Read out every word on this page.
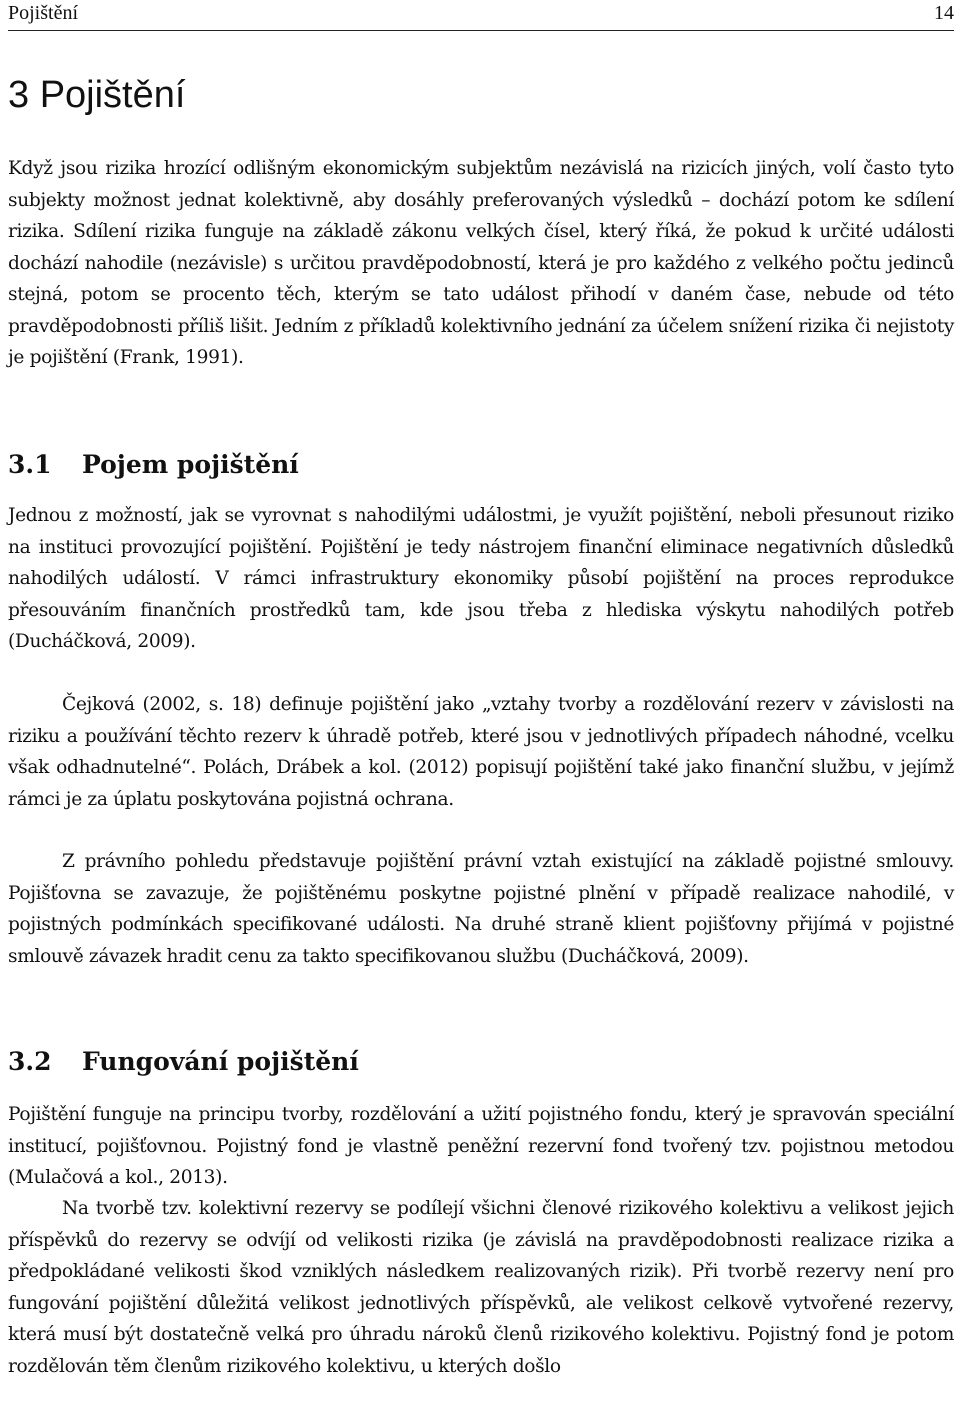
Pojištění	14
3 Pojištění

Když jsou rizika hrozící odlišným ekonomickým subjektům nezávislá na rizicích jiných, volí často tyto subjekty možnost jednat kolektivně, aby dosáhly preferovaných výsledků – dochází potom ke sdílení rizika. Sdílení rizika funguje na základě zákonu velkých čísel, který říká, že pokud k určité události dochází nahodile (nezávisle) s určitou pravděpodobností, která je pro každého z velkého počtu jedinců stejná, potom se procento těch, kterým se tato událost přihodí v daném čase, nebude od této pravděpodobnosti příliš lišit. Jedním z příkladů kolektivního jednání za účelem snížení rizika či nejistoty je pojištění (Frank, 1991).

3.1 Pojem pojištění

Jednou z možností, jak se vyrovnat s nahodilými událostmi, je využít pojištění, neboli přesunout riziko na instituci provozující pojištění. Pojištění je tedy nástrojem finanční eliminace negativních důsledků nahodilých událostí. V rámci infrastruktury ekonomiky působí pojištění na proces reprodukce přesouváním finančních prostředků tam, kde jsou třeba z hlediska výskytu nahodilých potřeb (Ducháčková, 2009).

Čejková (2002, s. 18) definuje pojištění jako „vztahy tvorby a rozdělování rezerv v závislosti na riziku a používání těchto rezerv k úhradě potřeb, které jsou v jednotlivých případech náhodné, vcelku však odhadnutelné“. Polách, Drábek a kol. (2012) popisují pojištění také jako finanční službu, v jejímž rámci je za úplatu poskytována pojistná ochrana.

Z právního pohledu představuje pojištění právní vztah existující na základě pojistné smlouvy. Pojišťovna se zavazuje, že pojištěnému poskytne pojistné plnění v případě realizace nahodilé, v pojistných podmínkách specifikované události. Na druhé straně klient pojišťovny přijímá v pojistné smlouvě závazek hradit cenu za takto specifikovanou službu (Ducháčková, 2009).

3.2 Fungování pojištění

Pojištění funguje na principu tvorby, rozdělování a užití pojistného fondu, který je spravován speciální institucí, pojišťovnou. Pojistný fond je vlastně peněžní rezervní fond tvořený tzv. pojistnou metodou (Mulačová a kol., 2013).

Na tvorbě tzv. kolektivní rezervy se podílejí všichni členové rizikového kolektivu a velikost jejich příspěvků do rezervy se odvíjí od velikosti rizika (je závislá na pravděpodobnosti realizace rizika a předpokládané velikosti škod vzniklých následkem realizovaných rizik). Při tvorbě rezervy není pro fungování pojištění důležitá velikost jednotlivých příspěvků, ale velikost celkově vytvořené rezervy, která musí být dostatečně velká pro úhradu nároků členů rizikového kolektivu. Pojistný fond je potom rozdělován těm členům rizikového kolektivu, u kterých došlo
